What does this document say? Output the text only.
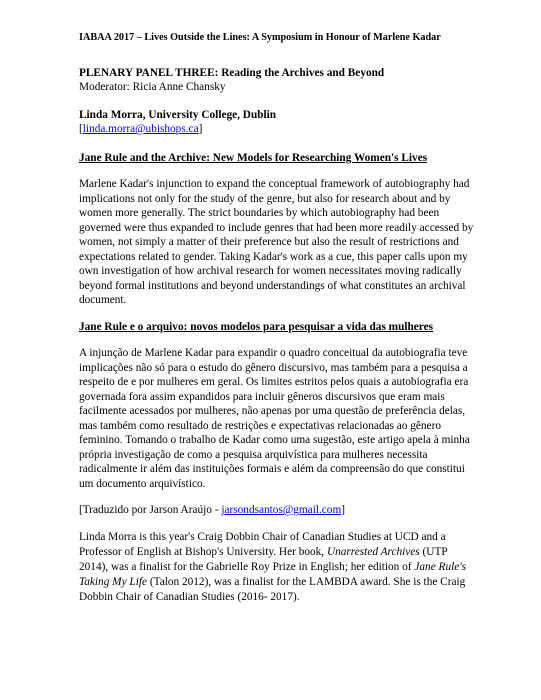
IABAA 2017 – Lives Outside the Lines: A Symposium in Honour of Marlene Kadar
PLENARY PANEL THREE: Reading the Archives and Beyond
Moderator: Ricia Anne Chansky
Linda Morra, University College, Dublin
[linda.morra@ubishops.ca]
Jane Rule and the Archive: New Models for Researching Women's Lives
Marlene Kadar's injunction to expand the conceptual framework of autobiography had
implications not only for the study of the genre, but also for research about and by
women more generally. The strict boundaries by which autobiography had been
governed were thus expanded to include genres that had been more readily accessed by
women, not simply a matter of their preference but also the result of restrictions and
expectations related to gender. Taking Kadar's work as a cue, this paper calls upon my
own investigation of how archival research for women necessitates moving radically
beyond formal institutions and beyond understandings of what constitutes an archival
document.
Jane Rule e o arquivo: novos modelos para pesquisar a vida das mulheres
A injunção de Marlene Kadar para expandir o quadro conceitual da autobiografia teve
implicações não só para o estudo do gênero discursivo, mas também para a pesquisa a
respeito de e por mulheres em geral. Os limites estritos pelos quais a autobiografia era
governada fora assim expandidos para incluir gêneros discursivos que eram mais
facilmente acessados por mulheres, não apenas por uma questão de preferência delas,
mas também como resultado de restrições e expectativas relacionadas ao gênero
feminino. Tomando o trabalho de Kadar como uma sugestão, este artigo apela à minha
própria investigação de como a pesquisa arquivística para mulheres necessita
radicalmente ir além das instituições formais e além da compreensão do que constitui
um documento arquivístico.
[Traduzido por Jarson Araújo - jarsondsantos@gmail.com]
Linda Morra is this year's Craig Dobbin Chair of Canadian Studies at UCD and a
Professor of English at Bishop's University. Her book, Unarrested Archives (UTP
2014), was a finalist for the Gabrielle Roy Prize in English; her edition of Jane Rule's
Taking My Life (Talon 2012), was a finalist for the LAMBDA award. She is the Craig
Dobbin Chair of Canadian Studies (2016- 2017).
